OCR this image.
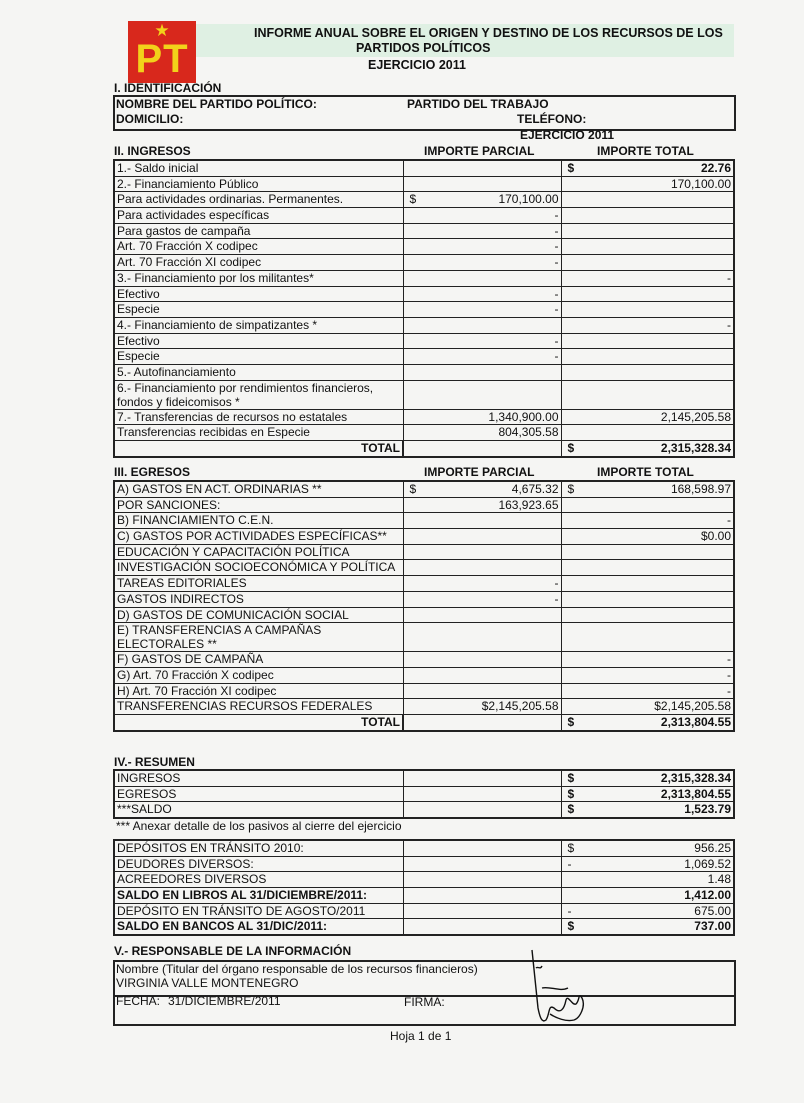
★
PT
INFORME ANUAL SOBRE EL ORIGEN Y DESTINO DE LOS RECURSOS DE LOS
PARTIDOS POLÍTICOS
EJERCICIO 2011
I. IDENTIFICACIÓN
NOMBRE DEL PARTIDO POLÍTICO:	PARTIDO DEL TRABAJO
DOMICILIO:	TELÉFONO:
EJERCICIO 2011
II. INGRESOS	IMPORTE PARCIAL	IMPORTE TOTAL
1.- Saldo inicial		$ 22.76
2.- Financiamiento Público		170,100.00
Para actividades ordinarias. Permanentes.	$ 170,100.00	
Para actividades específicas	-	
Para gastos de campaña	-	
Art. 70 Fracción X codipec	-	
Art. 70 Fracción XI codipec	-	
3.- Financiamiento por los militantes*		-
Efectivo	-	
Especie	-	
4.- Financiamiento de simpatizantes *		-
Efectivo	-	
Especie	-	
5.- Autofinanciamiento		
6.- Financiamiento por rendimientos financieros, fondos y fideicomisos *		
7.- Transferencias de recursos no estatales	1,340,900.00	2,145,205.58
Transferencias recibidas en Especie	804,305.58	
TOTAL		$ 2,315,328.34
III. EGRESOS	IMPORTE PARCIAL	IMPORTE TOTAL
A) GASTOS EN ACT. ORDINARIAS **	$ 4,675.32	$ 168,598.97
POR SANCIONES:	163,923.65	
B) FINANCIAMIENTO C.E.N.		-
C) GASTOS POR ACTIVIDADES ESPECÍFICAS**		$0.00
EDUCACIÓN Y CAPACITACIÓN POLÍTICA		
INVESTIGACIÓN SOCIOECONÓMICA Y POLÍTICA		
TAREAS EDITORIALES	-	
GASTOS INDIRECTOS	-	
D) GASTOS DE COMUNICACIÓN SOCIAL		
E) TRANSFERENCIAS A CAMPAÑAS ELECTORALES **		
F) GASTOS DE CAMPAÑA		-
G) Art. 70 Fracción X codipec		-
H) Art. 70 Fracción XI codipec		-
TRANSFERENCIAS RECURSOS FEDERALES	$2,145,205.58	$2,145,205.58
TOTAL		$ 2,313,804.55
IV.- RESUMEN
INGRESOS		$ 2,315,328.34
EGRESOS		$ 2,313,804.55
***SALDO		$ 1,523.79
*** Anexar detalle de los pasivos al cierre del ejercicio
DEPÓSITOS EN TRÁNSITO 2010:		$ 956.25
DEUDORES DIVERSOS:		- 1,069.52
ACREEDORES DIVERSOS		1.48
SALDO EN LIBROS AL 31/DICIEMBRE/2011:		1,412.00
DEPÓSITO EN TRÁNSITO DE AGOSTO/2011		- 675.00
SALDO EN BANCOS AL 31/DIC/2011:		$ 737.00
V.- RESPONSABLE DE LA INFORMACIÓN
Nombre (Titular del órgano responsable de los recursos financieros)
VIRGINIA VALLE MONTENEGRO
FECHA: 31/DICIEMBRE/2011	FIRMA:
Hoja 1 de 1
